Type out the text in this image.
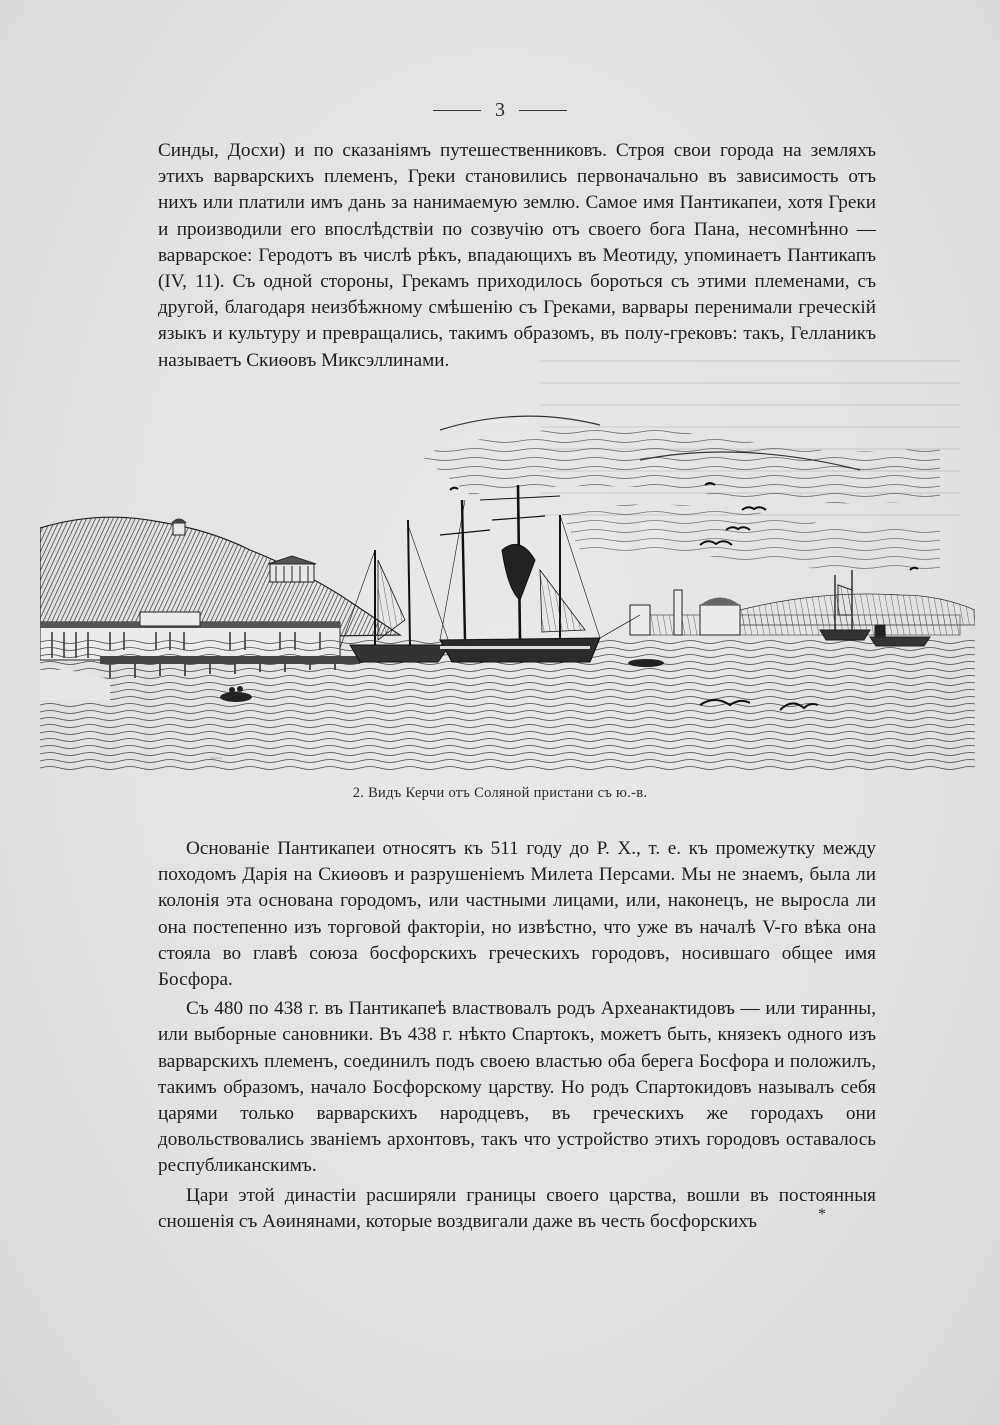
3

Синды, Досхи) и по сказаніямъ путешественниковъ. Строя свои города на земляхъ этихъ варварскихъ племенъ, Греки становились первоначально въ зависимость отъ нихъ или платили имъ дань за нанимаемую землю. Самое имя Пантикапеи, хотя Греки и производили его впослѣдствіи по созвучію отъ своего бога Пана, несомнѣнно — варварское: Геродотъ въ числѣ рѣкъ, впадающихъ въ Меотиду, упоминаетъ Пантикапъ (IV, 11). Съ одной стороны, Грекамъ приходилось бороться съ этими племенами, съ другой, благодаря неизбѣжному смѣшенію съ Греками, варвары перенимали греческій языкъ и культуру и превращались, такимъ образомъ, въ полу-грековъ: такъ, Гелланикъ называетъ Скиѳовъ Миксэллинами.

~~~~
2. Видъ Керчи отъ Соляной пристани съ ю.-в.

Основаніе Пантикапеи относятъ къ 511 году до Р. Х., т. е. къ промежутку между походомъ Дарія на Скиѳовъ и разрушеніемъ Милета Персами. Мы не знаемъ, была ли колонія эта основана городомъ, или частными лицами, или, наконецъ, не выросла ли она постепенно изъ торговой факторіи, но извѣстно, что уже въ началѣ V-го вѣка она стояла во главѣ союза босфорскихъ греческихъ городовъ, носившаго общее имя Босфора.

Съ 480 по 438 г. въ Пантикапеѣ властвовалъ родъ Археанактидовъ — или тиранны, или выборные сановники. Въ 438 г. нѣкто Спартокъ, можетъ быть, князекъ одного изъ варварскихъ племенъ, соединилъ подъ своею властью оба берега Босфора и положилъ, такимъ образомъ, начало Босфорскому царству. Но родъ Спартокидовъ называлъ себя царями только варварскихъ народцевъ, въ греческихъ же городахъ они довольствовались званіемъ архонтовъ, такъ что устройство этихъ городовъ оставалось республиканскимъ.

Цари этой династіи расширяли границы своего царства, вошли въ постоянныя сношенія съ Аѳинянами, которые воздвигали даже въ честь босфорскихъ	*
